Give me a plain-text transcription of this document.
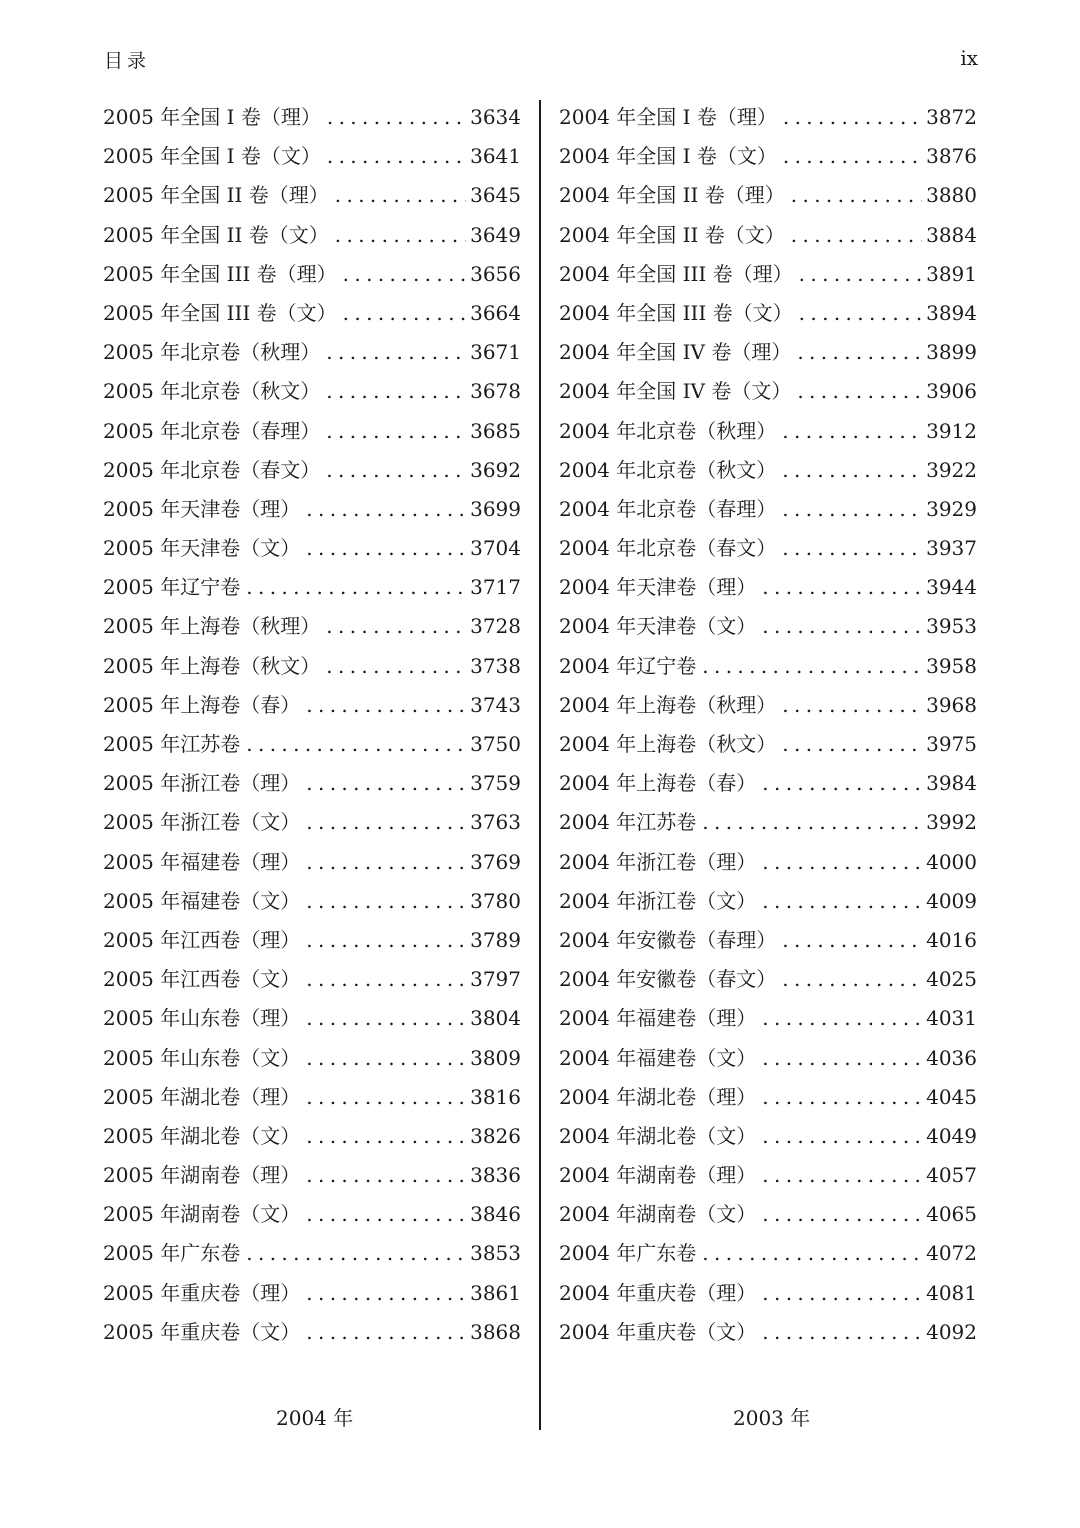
目录	ix
2005 年全国 I 卷（理） . . .	3634
2005 年全国 I 卷（文） . . .	3641
2005 年全国 II 卷（理） . . .	3645
2005 年全国 II 卷（文） . . .	3649
2005 年全国 III 卷（理） . . .	3656
2005 年全国 III 卷（文） . . .	3664
2005 年北京卷（秋理） . . .	3671
2005 年北京卷（秋文） . . .	3678
2005 年北京卷（春理） . . .	3685
2005 年北京卷（春文） . . .	3692
2005 年天津卷（理） . . .	3699
2005 年天津卷（文） . . .	3704
2005 年辽宁卷 . . .	3717
2005 年上海卷（秋理） . . .	3728
2005 年上海卷（秋文） . . .	3738
2005 年上海卷（春） . . .	3743
2005 年江苏卷 . . .	3750
2005 年浙江卷（理） . . .	3759
2005 年浙江卷（文） . . .	3763
2005 年福建卷（理） . . .	3769
2005 年福建卷（文） . . .	3780
2005 年江西卷（理） . . .	3789
2005 年江西卷（文） . . .	3797
2005 年山东卷（理） . . .	3804
2005 年山东卷（文） . . .	3809
2005 年湖北卷（理） . . .	3816
2005 年湖北卷（文） . . .	3826
2005 年湖南卷（理） . . .	3836
2005 年湖南卷（文） . . .	3846
2005 年广东卷 . . .	3853
2005 年重庆卷（理） . . .	3861
2005 年重庆卷（文） . . .	3868
2004 年全国 I 卷（理） . . .	3872
2004 年全国 I 卷（文） . . .	3876
2004 年全国 II 卷（理） . . .	3880
2004 年全国 II 卷（文） . . .	3884
2004 年全国 III 卷（理） . . .	3891
2004 年全国 III 卷（文） . . .	3894
2004 年全国 IV 卷（理） . . .	3899
2004 年全国 IV 卷（文） . . .	3906
2004 年北京卷（秋理） . . .	3912
2004 年北京卷（秋文） . . .	3922
2004 年北京卷（春理） . . .	3929
2004 年北京卷（春文） . . .	3937
2004 年天津卷（理） . . .	3944
2004 年天津卷（文） . . .	3953
2004 年辽宁卷 . . .	3958
2004 年上海卷（秋理） . . .	3968
2004 年上海卷（秋文） . . .	3975
2004 年上海卷（春） . . .	3984
2004 年江苏卷 . . .	3992
2004 年浙江卷（理） . . .	4000
2004 年浙江卷（文） . . .	4009
2004 年安徽卷（春理） . . .	4016
2004 年安徽卷（春文） . . .	4025
2004 年福建卷（理） . . .	4031
2004 年福建卷（文） . . .	4036
2004 年湖北卷（理） . . .	4045
2004 年湖北卷（文） . . .	4049
2004 年湖南卷（理） . . .	4057
2004 年湖南卷（文） . . .	4065
2004 年广东卷 . . .	4072
2004 年重庆卷（理） . . .	4081
2004 年重庆卷（文） . . .	4092
2004 年	2003 年
